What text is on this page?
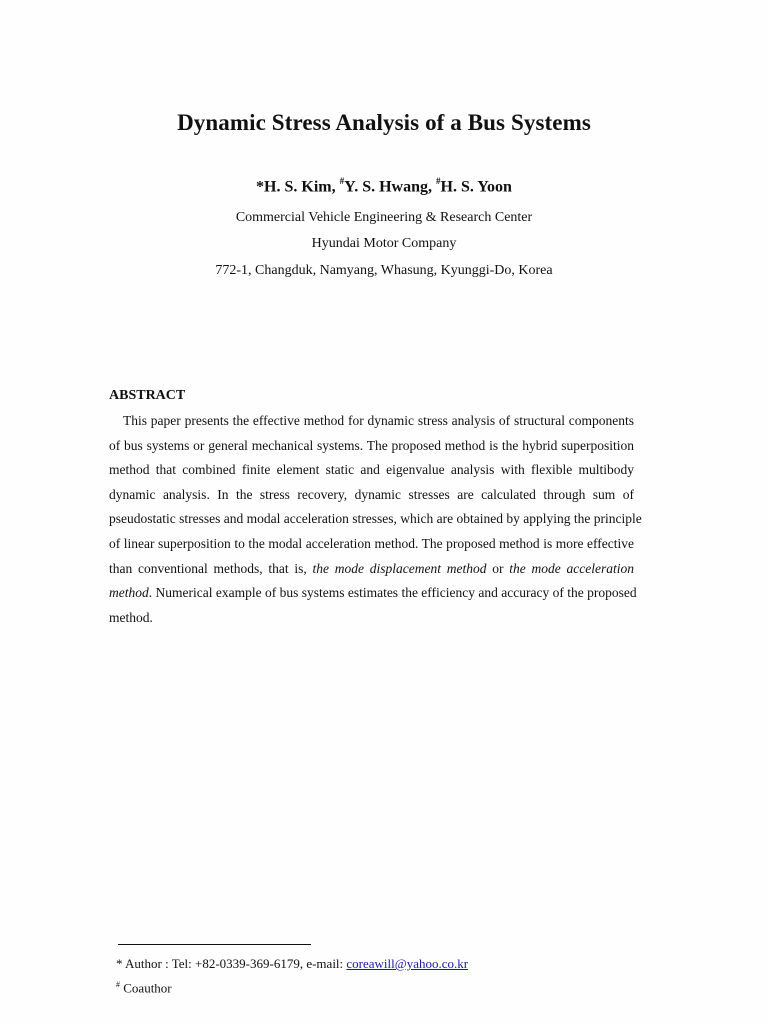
Dynamic Stress Analysis of a Bus Systems
*H. S. Kim, #Y. S. Hwang, #H. S. Yoon
Commercial Vehicle Engineering & Research Center
Hyundai Motor Company
772-1, Changduk, Namyang, Whasung, Kyunggi-Do, Korea
ABSTRACT
This paper presents the effective method for dynamic stress analysis of structural components
of bus systems or general mechanical systems. The proposed method is the hybrid superposition
method that combined finite element static and eigenvalue analysis with flexible multibody
dynamic analysis. In the stress recovery, dynamic stresses are calculated through sum of
pseudostatic stresses and modal acceleration stresses, which are obtained by applying the principle
of linear superposition to the modal acceleration method. The proposed method is more effective
than conventional methods, that is, the mode displacement method or the mode acceleration
method. Numerical example of bus systems estimates the efficiency and accuracy of the proposed
method.
* Author : Tel: +82-0339-369-6179, e-mail: coreawill@yahoo.co.kr
# Coauthor
